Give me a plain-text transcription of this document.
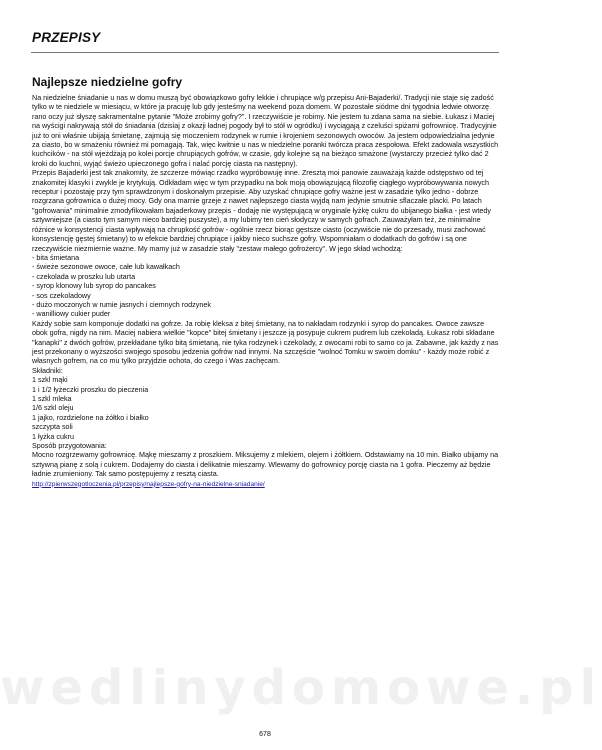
PRZEPISY
wedlinydomowe.pl
Najlepsze niedzielne gofry

Na niedzielne śniadanie u nas w domu muszą być obowiązkowo gofry lekkie i chrupiące w/g przepisu Ani-Bajaderki/. Tradycji nie staje się zadość tylko w te niedziele w miesiącu, w które ja pracuję lub gdy jesteśmy na weekend poza domem. W pozostałe siódme dni tygodnia ledwie otworzę rano oczy już słyszę sakramentalne pytanie "Może zrobimy gofry?". I rzeczywiście je robimy. Nie jestem tu zdana sama na siebie. Łukasz i Maciej na wyścigi nakrywają stół do śniadania (dzisiaj z okazji ładnej pogody był to stół w ogródku) i wyciągają z czeluści spiżarni gofrownicę. Tradycyjnie już to oni właśnie ubijają śmietanę, zajmują się moczeniem rodzynek w rumie i krojeniem sezonowych owoców. Ja jestem odpowiedzialna jedynie za ciasto, bo w smażeniu również mi pomagają. Tak, więc kwitnie u nas w niedzielne poranki twórcza praca zespołowa. Efekt zadowala wszystkich kuchcików - na stół wjeżdżają po kolei porcje chrupiących gofrów, w czasie, gdy kolejne są na bieżąco smażone (wystarczy przecież tylko dać 2 kroki do kuchni, wyjąć świeżo upieczonego gofra i nalać porcję ciasta na następny).

Przepis Bajaderki jest tak znakomity, że szczerze mówiąc rzadko wypróbowuję inne. Zresztą moi panowie zauważają każde odstępstwo od tej znakomitej klasyki i zwykle je krytykują. Odkładam więc w tym przypadku na bok moją obowiązującą filozofię ciągłego wypróbowywania nowych receptur i pozostaję przy tym sprawdzonym i doskonałym przepisie. Aby uzyskać chrupiące gofry ważne jest w zasadzie tylko jedno - dobrze rozgrzana gofrownica o dużej mocy. Gdy ona marnie grzeje z nawet najlepszego ciasta wyjdą nam jedynie smutnie sflaczałe placki. Po latach "gofrowania" minimalnie zmodyfikowałam bajaderkowy przepis - dodaję nie występującą w oryginale łyżkę cukru do ubijanego białka - jest wtedy sztywniejsze (a ciasto tym samym nieco bardziej puszyste), a my lubimy ten cień słodyczy w samych gofrach. Zauważyłam też, że minimalne różnice w konsystencji ciasta wpływają na chrupkość gofrów - ogólnie rzecz biorąc gęstsze ciasto (oczywiście nie do przesady, musi zachować konsystencję gęstej śmietany) to w efekcie bardziej chrupiące i jakby nieco suchsze gofry. Wspomniałam o dodatkach do gofrów i są one rzeczywiście niezmiernie ważne. My mamy już w zasadzie stały "zestaw małego gofrożercy". W jego skład wchodzą:

- bita śmietana
- świeże sezonowe owoce, całe lub kawałkach
- czekolada w proszku lub utarta
- syrop klonowy lub syrop do pancakes
- sos czekoladowy
- dużo moczonych w rumie jasnych i ciemnych rodzynek
- wanilliowy cukier puder

Każdy sobie sam komponuje dodatki na gofrze. Ja robię kleksa z bitej śmietany, na to nakładam rodzynki i syrop do pancakes. Owoce zawsze obok gofra, nigdy na nim. Maciej nabiera wielkie "kopce" bitej śmietany i jeszcze ją posypuje cukrem pudrem lub czekoladą. Łukasz robi składane "kanapki" z dwóch gofrów, przekładane tylko bitą śmietaną, nie tyka rodzynek i czekolady, z owocami robi to samo co ja. Zabawne, jak każdy z nas jest przekonany o wyższości swojego sposobu jedzenia gofrów nad innymi. Na szczęście "wolnoć Tomku w swoim domku" - każdy może robić z własnych gofrem, na co mu tylko przyjdzie ochota, do czego i Was zachęcam.

Składniki:

1 szkl mąki
1 i 1/2 łyżeczki proszku do pieczenia
1 szkl mleka
1/6 szkl oleju
1 jajko, rozdzielone na żółtko i białko
szczypta soli
1 łyżka cukru

Sposób przygotowania:

Mocno rozgrzewamy gofrownicę. Mąkę mieszamy z proszkiem. Miksujemy z mlekiem, olejem i żółtkiem. Odstawiamy na 10 min. Białko ubijamy na sztywną pianę z solą i cukrem. Dodajemy do ciasta i delikatnie mieszamy. Wlewamy do gofrownicy porcję ciasta na 1 gofra. Pieczemy aż będzie ładnie zrumieniony. Tak samo postępujemy z resztą ciasta.

http://zpierwszegotloczenia.pl/przepisy/najlepsze-gofry-na-niedzielne-sniadanie/

678
